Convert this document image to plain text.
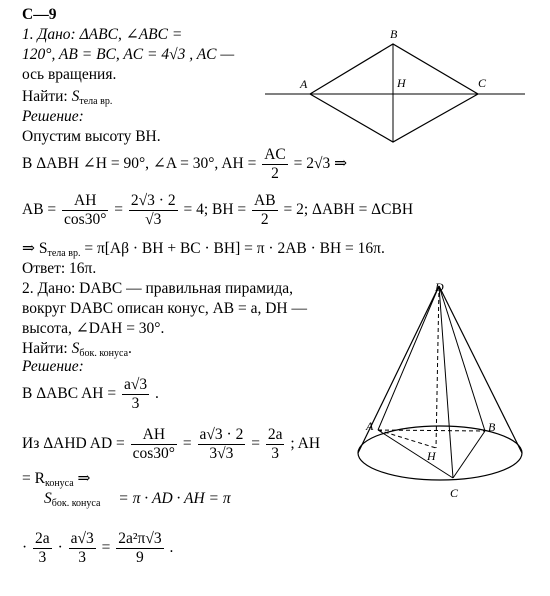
С—9
1. Дано: ΔABC, ∠ABC =
120°, AB = BC, AC = 4√3 , AC —
ось вращения.
Найти: $S_{тела вр.}$
Решение:
Опустим высоту BH.
В ΔABH ∠H = 90°, ∠A = 30°, AH = $\frac{AC}{2} = 2√3$ ⇒
AB = $\frac{AH}{\cos 30^\circ} = \frac{2√3 \cdot 2}{√3} = 4$; BH = $\frac{AB}{2} = 2$; ΔABH = ΔCBH
⇒ $S_{тела вр.} = \pi[A\beta$ · BH + BC · BH] = π · 2AB · BH = 16π.
Ответ: 16π.
2. Дано: DABC — правильная пирамида,
вокруг DABC описан конус, AB = a, DH —
высота, ∠DAH = 30°.
Найти: $S_{бок. конуса}$.
Решение:
В ΔABC AH = $\frac{a√3}{3}$ .
Из ΔAHD AD = $\frac{AH}{\cos 30^\circ} = \frac{a√3 \cdot 2}{3√3} = \frac{2a}{3}$ ; AH
= $R_{конуса}$ ⇒
$S_{бок. конуса} = \pi$ · AD · AH = π
· $\frac{2a}{3} \cdot \frac{a√3}{3} = \frac{\text{2a²π√3}}{9}$ .
A
B
C
H
D
A	B
C
H
